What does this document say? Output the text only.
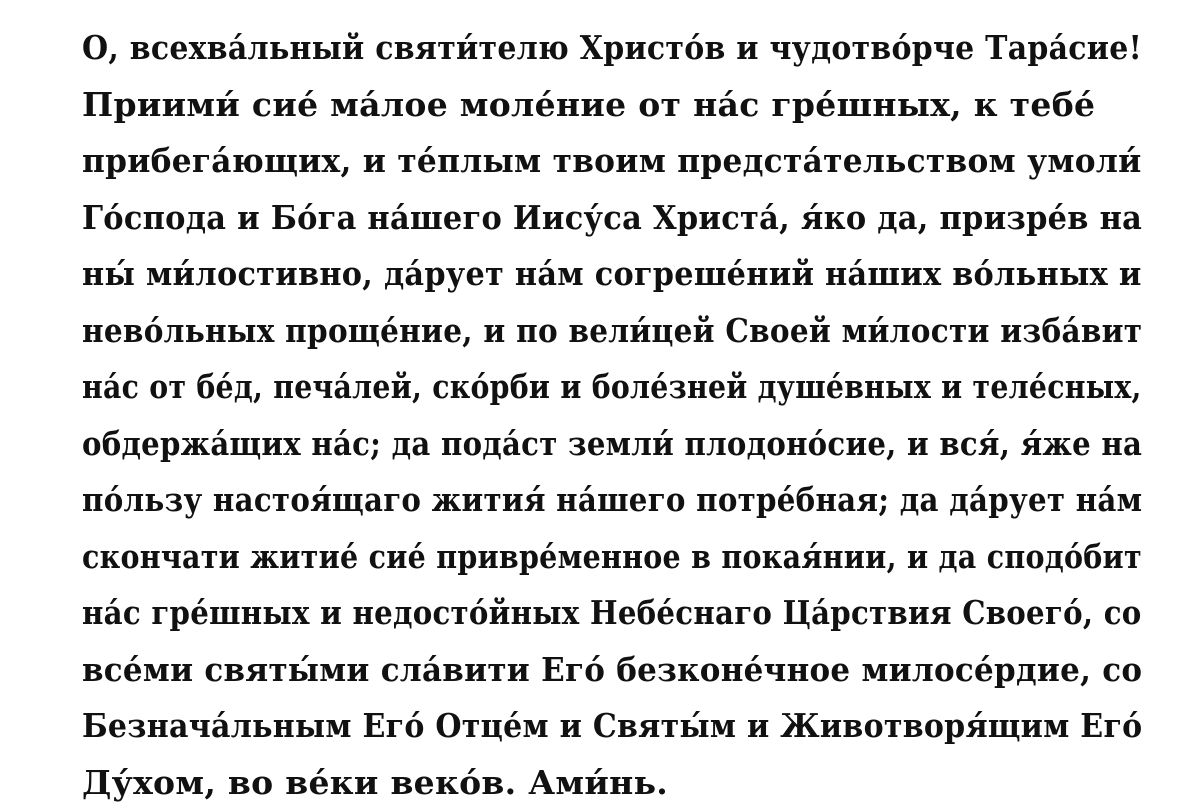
О, всехва́льный святи́телю Христо́в и чудотво́рче Тара́сие!
Приими́ сие́ ма́лое моле́ние от на́с гре́шных, к тебе́
прибега́ющих, и те́плым твоим предста́тельством умоли́
Го́спода и Бо́га на́шего Иису́са Христа́, я́ко да, призре́в на
ны́ ми́лостивно, да́рует на́м согреше́ний на́ших во́льных и
нево́льных проще́ние, и по вели́цей Своей ми́лости изба́вит
на́с от бе́д, печа́лей, ско́рби и боле́зней душе́вных и теле́сных,
обдержа́щих на́с; да пода́ст земли́ плодоно́сие, и вся́, я́же на
по́льзу настоя́щаго жития́ на́шего потре́бная; да да́рует на́м
скончати житие́ сие́ привре́менное в покая́нии, и да сподо́бит
на́с гре́шных и недосто́йных Небе́снаго Ца́рствия Своего́, со
все́ми святы́ми сла́вити Его́ безконе́чное милосе́рдие, со
Безнача́льным Его́ Отце́м и Святы́м и Животворя́щим Его́
Ду́хом, во ве́ки веко́в. Ами́нь.
